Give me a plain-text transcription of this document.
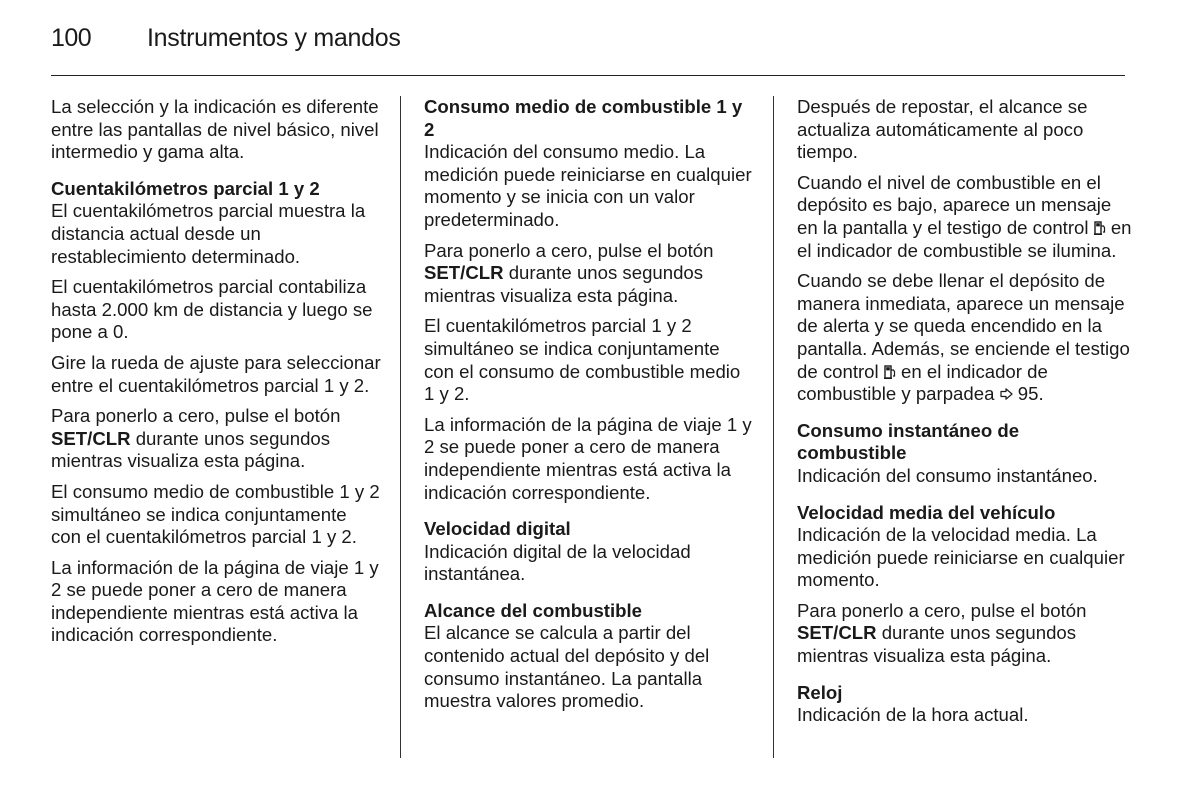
100	Instrumentos y mandos

La selección y la indicación es diferente entre las pantallas de nivel básico, nivel intermedio y gama alta.

Cuentakilómetros parcial 1 y 2

El cuentakilómetros parcial muestra la distancia actual desde un restablecimiento determinado.

El cuentakilómetros parcial contabiliza hasta 2.000 km de distancia y luego se pone a 0.

Gire la rueda de ajuste para seleccionar entre el cuentakilómetros parcial 1 y 2.

Para ponerlo a cero, pulse el botón SET/CLR durante unos segundos mientras visualiza esta página.

El consumo medio de combustible 1 y 2 simultáneo se indica conjuntamente con el cuentakilómetros parcial 1 y 2.

La información de la página de viaje 1 y 2 se puede poner a cero de manera independiente mientras está activa la indicación correspondiente.

Consumo medio de combustible 1 y 2

Indicación del consumo medio. La medición puede reiniciarse en cualquier momento y se inicia con un valor predeterminado.

Para ponerlo a cero, pulse el botón SET/CLR durante unos segundos mientras visualiza esta página.

El cuentakilómetros parcial 1 y 2 simultáneo se indica conjuntamente con el consumo de combustible medio 1 y 2.

La información de la página de viaje 1 y 2 se puede poner a cero de manera independiente mientras está activa la indicación correspondiente.

Velocidad digital

Indicación digital de la velocidad instantánea.

Alcance del combustible

El alcance se calcula a partir del contenido actual del depósito y del consumo instantáneo. La pantalla muestra valores promedio.

Después de repostar, el alcance se actualiza automáticamente al poco tiempo.

Cuando el nivel de combustible en el depósito es bajo, aparece un mensaje en la pantalla y el testigo de control  en el indicador de combustible se ilumina.

Cuando se debe llenar el depósito de manera inmediata, aparece un mensaje de alerta y se queda encendido en la pantalla. Además, se enciende el testigo de control  en el indicador de combustible y parpadea  95.

Consumo instantáneo de combustible

Indicación del consumo instantáneo.

Velocidad media del vehículo

Indicación de la velocidad media. La medición puede reiniciarse en cualquier momento.

Para ponerlo a cero, pulse el botón SET/CLR durante unos segundos mientras visualiza esta página.

Reloj

Indicación de la hora actual.
